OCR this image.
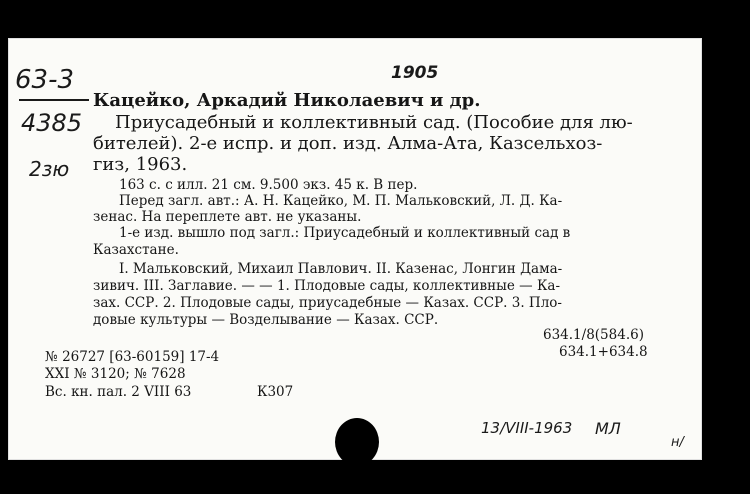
63-3
4385
2зю
1905
Кацейко, Аркадий Николаевич и др.
Приусадебный и коллективный сад. (Пособие для лю-
бителей). 2-е испр. и доп. изд. Алма-Ата, Казсельхоз-
гиз, 1963.
163 с. с илл. 21 см. 9.500 экз. 45 к. В пер.
Перед загл. авт.: А. Н. Кацейко, М. П. Мальковский, Л. Д. Ка-
зенас. На переплете авт. не указаны.
1-е изд. вышло под загл.: Приусадебный и коллективный сад в
Казахстане.
I. Мальковский, Михаил Павлович. II. Казенас, Лонгин Дама-
зивич. III. Заглавие. — — 1. Плодовые сады, коллективные — Ка-
зах. ССР. 2. Плодовые сады, приусадебные — Казах. ССР. 3. Пло-
довые культуры — Возделывание — Казах. ССР.
634.1/8(584.6)
634.1+634.8
№ 26727 [63-60159] 17-4
XXI № 3120; № 7628
Вс. кн. пал. 2 VIII 63	К307
13/VIII-1963 МЛ
н/
